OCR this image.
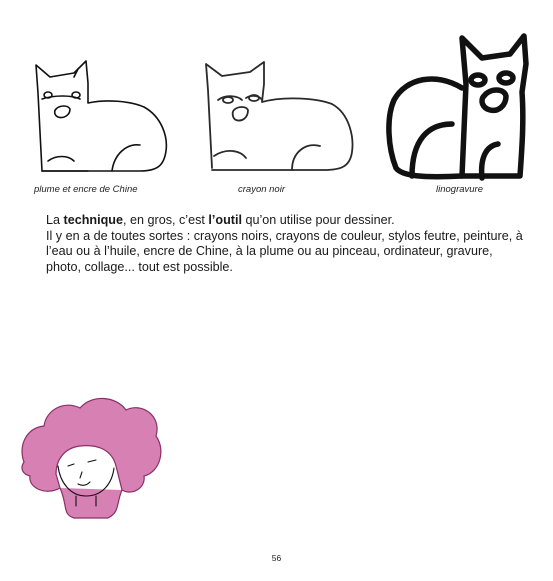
plume et encre de Chine	crayon noir	linogravure

La technique, en gros, c’est l’outil qu’on utilise pour dessiner.

Il y en a de toutes sortes : crayons noirs, crayons de couleur, stylos feutre, peinture, à l’eau ou à l’huile, encre de Chine, à la plume ou au pinceau, ordinateur, gravure, photo, collage... tout est possible.

56
